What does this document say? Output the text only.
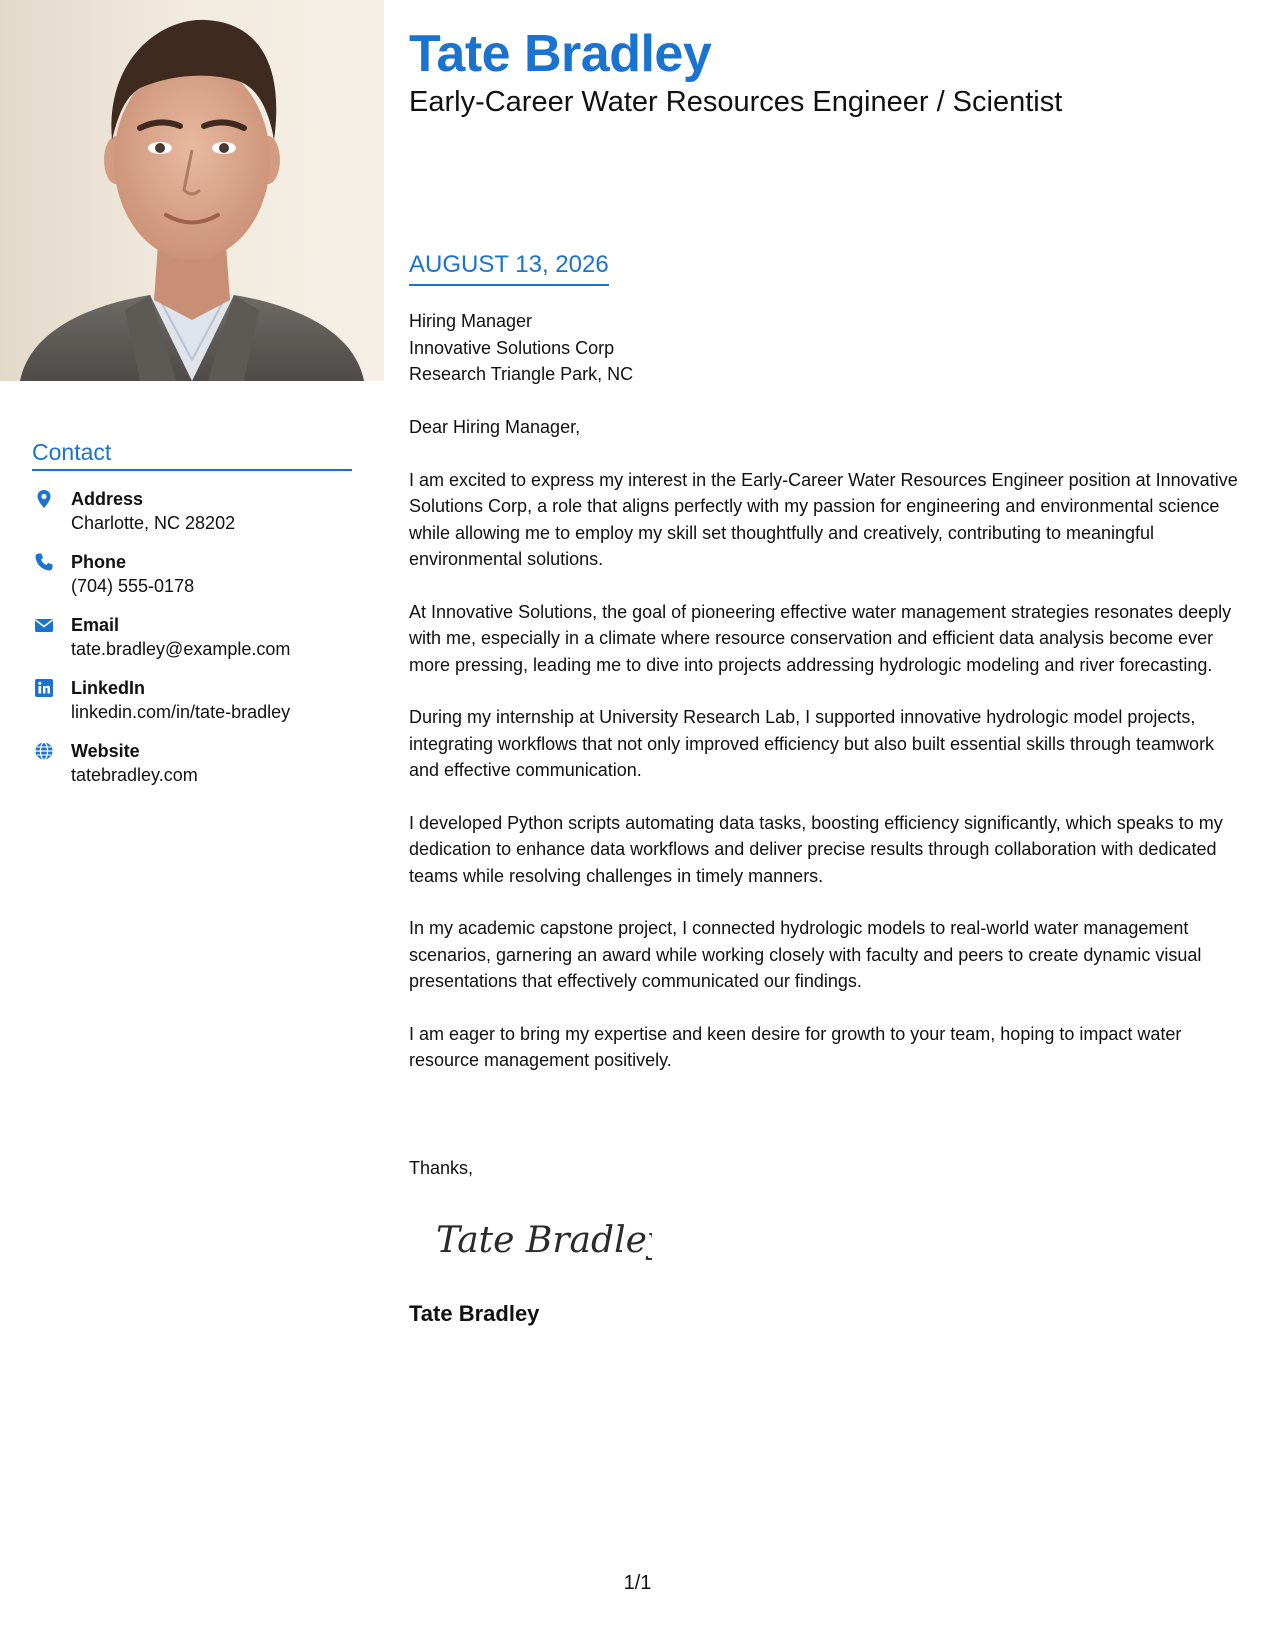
Contact
Address
Charlotte, NC 28202
Phone
(704) 555-0178
Email
tate.bradley@example.com
LinkedIn
linkedin.com/in/tate-bradley
Website
tatebradley.com
Tate Bradley
Early-Career Water Resources Engineer / Scientist
AUGUST 13, 2026
Hiring Manager
Innovative Solutions Corp
Research Triangle Park, NC

Dear Hiring Manager,

I am excited to express my interest in the Early-Career Water Resources Engineer position at Innovative Solutions Corp, a role that aligns perfectly with my passion for engineering and environmental science while allowing me to employ my skill set thoughtfully and creatively, contributing to meaningful environmental solutions.

At Innovative Solutions, the goal of pioneering effective water management strategies resonates deeply with me, especially in a climate where resource conservation and efficient data analysis become ever more pressing, leading me to dive into projects addressing hydrologic modeling and river forecasting.

During my internship at University Research Lab, I supported innovative hydrologic model projects, integrating workflows that not only improved efficiency but also built essential skills through teamwork and effective communication.

I developed Python scripts automating data tasks, boosting efficiency significantly, which speaks to my dedication to enhance data workflows and deliver precise results through collaboration with dedicated teams while resolving challenges in timely manners.

In my academic capstone project, I connected hydrologic models to real-world water management scenarios, garnering an award while working closely with faculty and peers to create dynamic visual presentations that effectively communicated our findings.

I am eager to bring my expertise and keen desire for growth to your team, hoping to impact water resource management positively.

Thanks,
Tate Bradley
Tate Bradley
1/1
